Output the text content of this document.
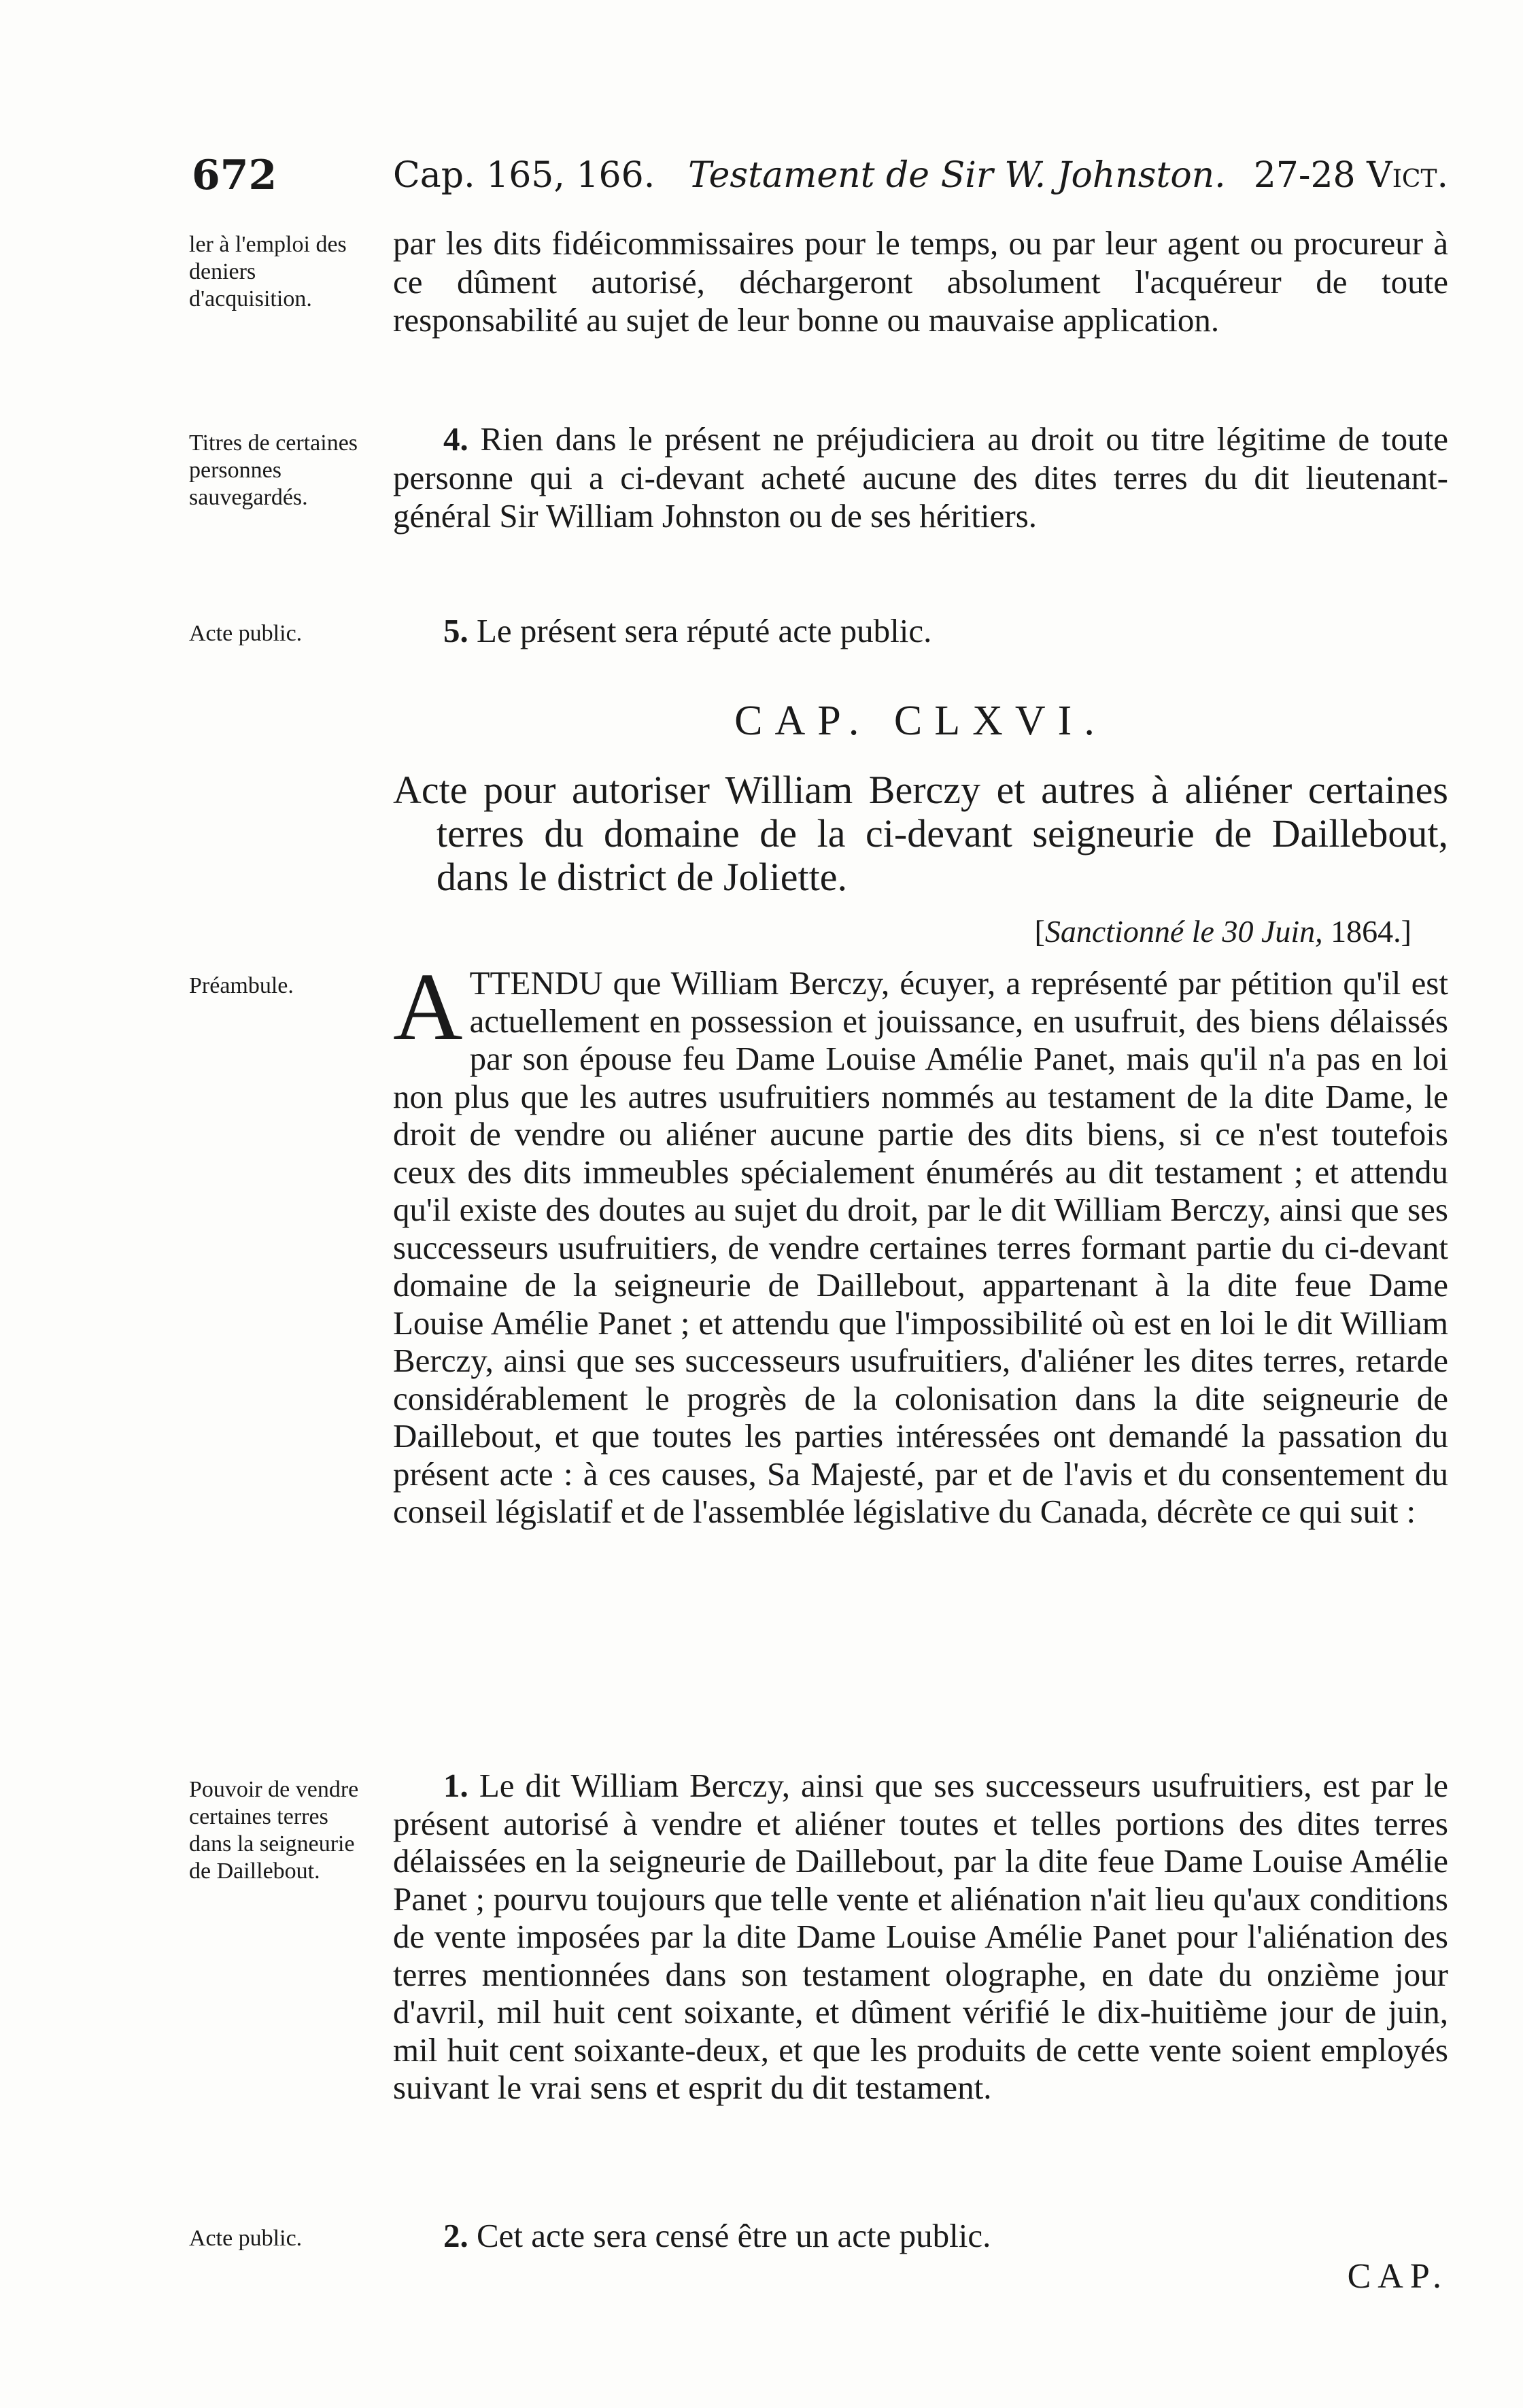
672	Cap. 165, 166. Testament de Sir W. Johnston. 27-28 Vict.
ler à l'emploi des deniers d'acquisition.
Titres de certaines personnes sauvegardés.
Acte public.
Préambule.
Pouvoir de vendre certaines terres dans la seigneurie de Daillebout.
Acte public.
par les dits fidéicommissaires pour le temps, ou par leur agent ou procureur à ce dûment autorisé, déchargeront absolument l'acquéreur de toute responsabilité au sujet de leur bonne ou mauvaise application.
4. Rien dans le présent ne préjudiciera au droit ou titre légitime de toute personne qui a ci-devant acheté aucune des dites terres du dit lieutenant-général Sir William Johnston ou de ses héritiers.
5. Le présent sera réputé acte public.
CAP. CLXVI.
Acte pour autoriser William Berczy et autres à aliéner certaines terres du domaine de la ci-devant seigneurie de Daillebout, dans le district de Joliette.
[Sanctionné le 30 Juin, 1864.]
A TTENDU que William Berczy, écuyer, a représenté par pétition qu'il est actuellement en possession et jouissance, en usufruit, des biens délaissés par son épouse feu Dame Louise Amélie Panet, mais qu'il n'a pas en loi non plus que les autres usufruitiers nommés au testament de la dite Dame, le droit de vendre ou aliéner aucune partie des dits biens, si ce n'est toutefois ceux des dits immeubles spécialement énumérés au dit testament ; et attendu qu'il existe des doutes au sujet du droit, par le dit William Berczy, ainsi que ses successeurs usufruitiers, de vendre certaines terres formant partie du ci-devant domaine de la seigneurie de Daillebout, appartenant à la dite feue Dame Louise Amélie Panet ; et attendu que l'impossibilité où est en loi le dit William Berczy, ainsi que ses successeurs usufruitiers, d'aliéner les dites terres, retarde considérablement le progrès de la colonisation dans la dite seigneurie de Daillebout, et que toutes les parties intéressées ont demandé la passation du présent acte : à ces causes, Sa Majesté, par et de l'avis et du consentement du conseil législatif et de l'assemblée législative du Canada, décrète ce qui suit :
1. Le dit William Berczy, ainsi que ses successeurs usufruitiers, est par le présent autorisé à vendre et aliéner toutes et telles portions des dites terres délaissées en la seigneurie de Daillebout, par la dite feue Dame Louise Amélie Panet ; pourvu toujours que telle vente et aliénation n'ait lieu qu'aux conditions de vente imposées par la dite Dame Louise Amélie Panet pour l'aliénation des terres mentionnées dans son testament olographe, en date du onzième jour d'avril, mil huit cent soixante, et dûment vérifié le dix-huitième jour de juin, mil huit cent soixante-deux, et que les produits de cette vente soient employés suivant le vrai sens et esprit du dit testament.
2. Cet acte sera censé être un acte public.
CAP.
